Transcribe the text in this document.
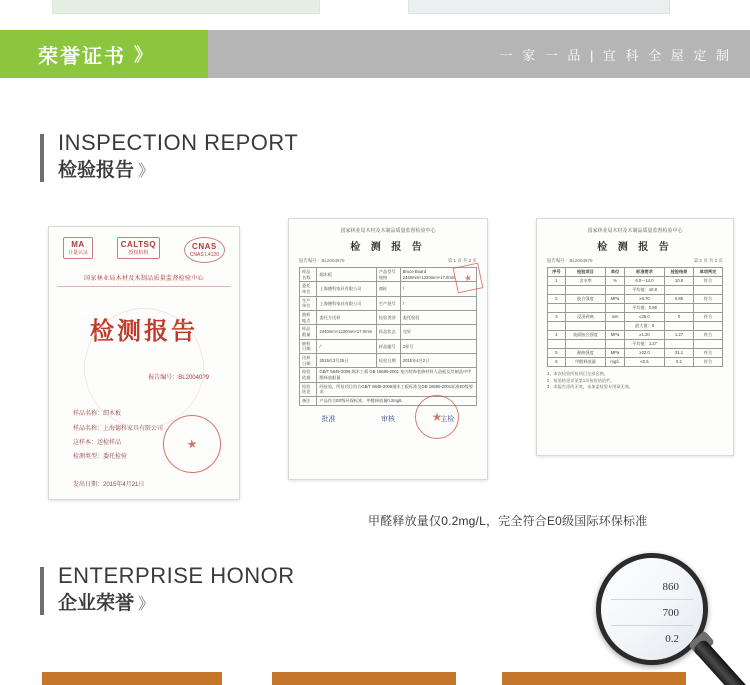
荣誉证书 》	一 家 一 品 | 宜 科 全 屋 定 制
INSPECTION REPORT
检验报告 》
MA
计量认证
CALTSQ
授权机构
CNAS
CNAS L4120
国家林业局木材及木制品质量监督检验中心
检测报告
报告编号：BL20040?9
样品名称：细木板
样品名称：上海德科家具有限公司
这样本：送检样品
检测类型：委托检验
发出日期：2015年4月21日
★
国家林业局木材及木制品质量监督检验中心
检 测 报 告
报告编号：BL2004679	第 1 页 共 2 页
样品名称	细木板	产品型号规格	Bruce Board 2440mm×1220mm×17.0mm
委托单位	上海德科家具有限公司	商标	/
生产单位	上海德科家具有限公司	生产批号	/
抽样地点	委托方送样	检验类别	委托检验
样品数量	2440mm×1220mm×17.0mm	样品状态	完好
抽样日期	/	样品编号	2样号
送样日期	2015年3月25日	检验日期	2015年4月2日
检验依据	GB/T 5849-2006 细木工板 GB 18580-2001 室内装饰装修材料人造板及其制品中甲醛释放限量		
检验结论	经检验，所检项目符合GB/T 5849-2006细木工板标准及GB 18580-2001标准E0级要求		
备注	产品符合E0级环保标准，甲醛释放量0.2mg/L		
批准	审核	主检
★
★
国家林业局木材及木制品质量监督检验中心
检 测 报 告
报告编号：BL2004679	第 2 页 共 2 页
序号	检验项目	单位	标准要求	检验结果	单项判定
1	含水率	%	6.0～14.0	10.8	符合
			平均值：10.8		
2	胶合强度	MPa	≥0.70	0.86	符合
			平均值：0.86		
3	浸渍剥离	mm	≤25.0	0	符合
			最大值：0		
4	表面胶合强度	MPa	≥1.20	1.27	符合
			平均值：1.27		
5	静曲强度	MPa	≥22.0	31.1	符合
6	甲醛释放量	mg/L	≤0.5	0.2	符合
1、本次检验所检项目全部合格。
2、检验结论详见第1页检验结论栏。
3、本报告涂改无效，未加盖检验专用章无效。
860
700
0.2
甲醛释放量仅0.2mg/L，完全符合E0级国际环保标准
ENTERPRISE HONOR
企业荣誉 》
